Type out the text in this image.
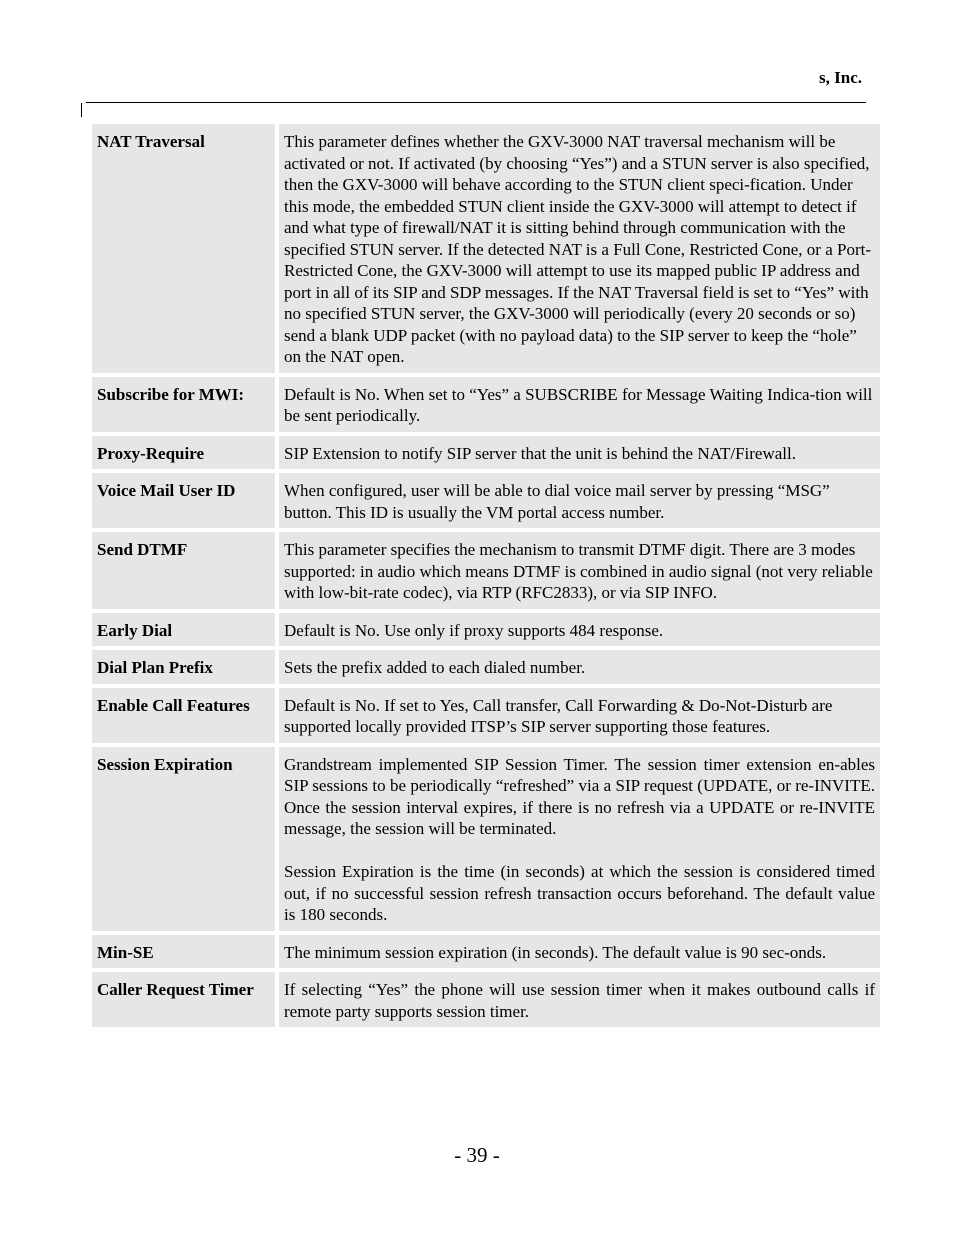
s, Inc.
NAT Traversal	This parameter defines whether the GXV-3000 NAT traversal mechanism will be activated or not. If activated (by choosing “Yes”) and a STUN server is also specified, then the GXV-3000 will behave according to the STUN client speci-fication. Under this mode, the embedded STUN client inside the GXV-3000 will attempt to detect if and what type of firewall/NAT it is sitting behind through communication with the specified STUN server. If the detected NAT is a Full Cone, Restricted Cone, or a Port-Restricted Cone, the GXV-3000 will attempt to use its mapped public IP address and port in all of its SIP and SDP messages. If the NAT Traversal field is set to “Yes” with no specified STUN server, the GXV-3000 will periodically (every 20 seconds or so) send a blank UDP packet (with no payload data) to the SIP server to keep the “hole” on the NAT open.

Subscribe for MWI:	Default is No. When set to “Yes” a SUBSCRIBE for Message Waiting Indica-tion will be sent periodically.

Proxy-Require	SIP Extension to notify SIP server that the unit is behind the NAT/Firewall.

Voice Mail User ID	When configured, user will be able to dial voice mail server by pressing “MSG” button. This ID is usually the VM portal access number.

Send DTMF	This parameter specifies the mechanism to transmit DTMF digit. There are 3 modes supported: in audio which means DTMF is combined in audio signal (not very reliable with low-bit-rate codec), via RTP (RFC2833), or via SIP INFO.

Early Dial	Default is No. Use only if proxy supports 484 response.

Dial Plan Prefix	Sets the prefix added to each dialed number.

Enable Call Features	Default is No. If set to Yes, Call transfer, Call Forwarding & Do-Not-Disturb are supported locally provided ITSP’s SIP server supporting those features.

Session Expiration	Grandstream implemented SIP Session Timer. The session timer extension en-ables SIP sessions to be periodically “refreshed” via a SIP request (UPDATE, or re-INVITE. Once the session interval expires, if there is no refresh via a UPDATE or re-INVITE message, the session will be terminated.

Session Expiration is the time (in seconds) at which the session is considered timed out, if no successful session refresh transaction occurs beforehand. The default value is 180 seconds.

Min-SE	The minimum session expiration (in seconds). The default value is 90 sec-onds.

Caller Request Timer	If selecting “Yes” the phone will use session timer when it makes outbound calls if remote party supports session timer.

- 39 -
